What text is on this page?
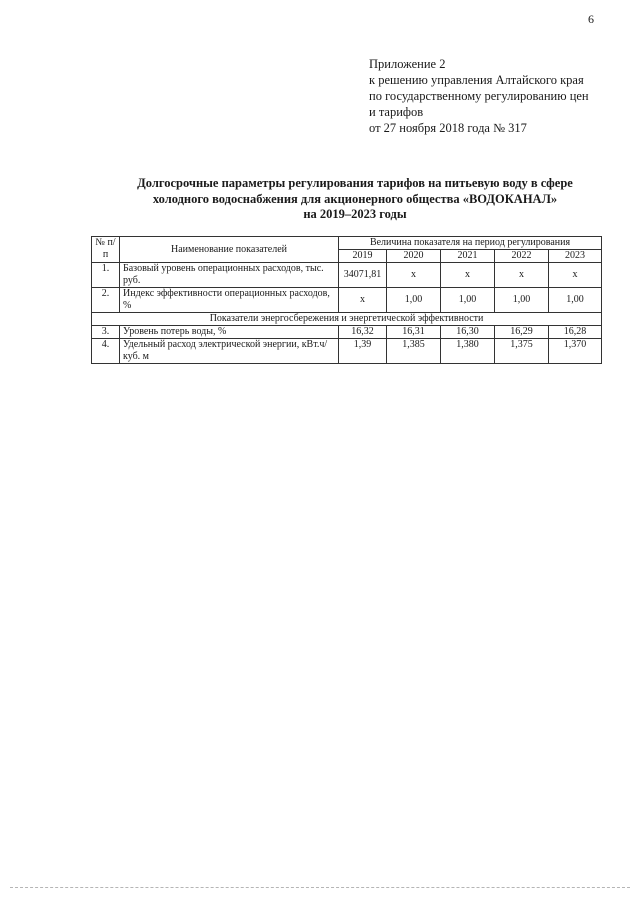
6
Приложение 2
к решению управления Алтайского края
по государственному регулированию цен
и тарифов
от 27 ноября 2018 года № 317
Долгосрочные параметры регулирования тарифов на питьевую воду в сфере
холодного водоснабжения для акционерного общества «ВОДОКАНАЛ»
на 2019–2023 годы
№ п/п	Наименование показателей	Величина показателя на период регулирования				
		2019	2020	2021	2022	2023
1.	Базовый уровень операционных расходов, тыс. руб.	34071,81	х	х	х	х
2.	Индекс эффективности операционных расходов, %	х	1,00	1,00	1,00	1,00
Показатели энергосбережения и энергетической эффективности						
3.	Уровень потерь воды, %	16,32	16,31	16,30	16,29	16,28
4.	Удельный расход электрической энергии, кВт.ч/куб. м	1,39	1,385	1,380	1,375	1,370
